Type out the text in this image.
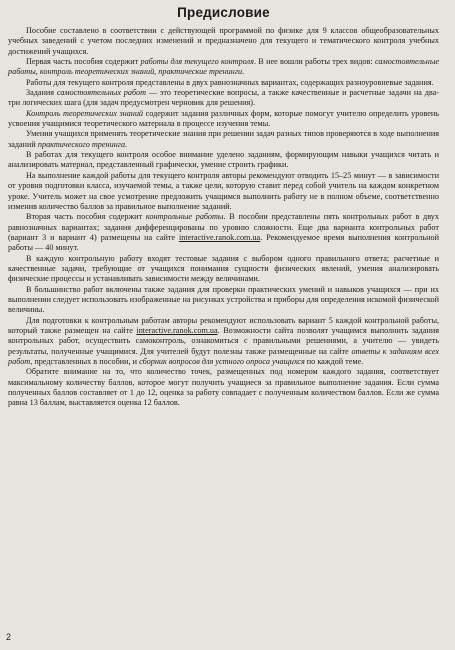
Предисловие

Пособие составлено в соответствии с действующей программой по физике для 9 классов общеобразовательных учебных заведений с учетом последних изменений и предназначено для текущего и тематического контроля учебных достижений учащихся.

Первая часть пособия содержит работы для текущего контроля. В нее вошли работы трех видов: самостоятельные работы, контроль теоретических знаний, практические тренинги.

Работы для текущего контроля представлены в двух равнозначных вариантах, содержащих разноуровневые задания.

Задания самостоятельных работ — это теоретические вопросы, а также качественные и расчетные задачи на два-три логических шага (для задач предусмотрен черновик для решения).

Контроль теоретических знаний содержит задания различных форм, которые помогут учителю определить уровень усвоения учащимися теоретического материала в процессе изучения темы.

Умения учащихся применять теоретические знания при решении задач разных типов проверяются в ходе выполнения заданий практического тренинга.

В работах для текущего контроля особое внимание уделено заданиям, формирующим навыки учащихся читать и анализировать материал, представленный графически, умение строить графики.

На выполнение каждой работы для текущего контроля авторы рекомендуют отводить 15–25 минут — в зависимости от уровня подготовки класса, изучаемой темы, а также цели, которую ставит перед собой учитель на каждом конкретном уроке. Учитель может на свое усмотрение предложить учащимся выполнить работу не в полном объеме, соответственно изменив количество баллов за правильное выполнение заданий.

Вторая часть пособия содержит контрольные работы. В пособии представлены пять контрольных работ в двух равнозначных вариантах; задания дифференцированы по уровню сложности. Еще два варианта контрольных работ (вариант 3 и вариант 4) размещены на сайте interactive.ranok.com.ua. Рекомендуемое время выполнения контрольной работы — 40 минут.

В каждую контрольную работу входят тестовые задания с выбором одного правильного ответа; расчетные и качественные задачи, требующие от учащихся понимания сущности физических явлений, умения анализировать физические процессы и устанавливать зависимости между величинами.

В большинство работ включены также задания для проверки практических умений и навыков учащихся — при их выполнении следует использовать изображенные на рисунках устройства и приборы для определения искомой физической величины.

Для подготовки к контрольным работам авторы рекомендуют использовать вариант 5 каждой контрольной работы, который также размещен на сайте interactive.ranok.com.ua. Возможности сайта позволят учащимся выполнить задания контрольных работ, осуществить самоконтроль, ознакомиться с правильными решениями, а учителю — увидеть результаты, полученные учащимися. Для учителей будут полезны также размещенные на сайте ответы к заданиям всех работ, представленных в пособии, и сборник вопросов для устного опроса учащихся по каждой теме.

Обратите внимание на то, что количество точек, размещенных под номером каждого задания, соответствует максимальному количеству баллов, которое могут получить учащиеся за правильное выполнение задания. Если сумма полученных баллов составляет от 1 до 12, оценка за работу совпадает с полученным количеством баллов. Если же сумма равна 13 баллам, выставляется оценка 12 баллов.

2
